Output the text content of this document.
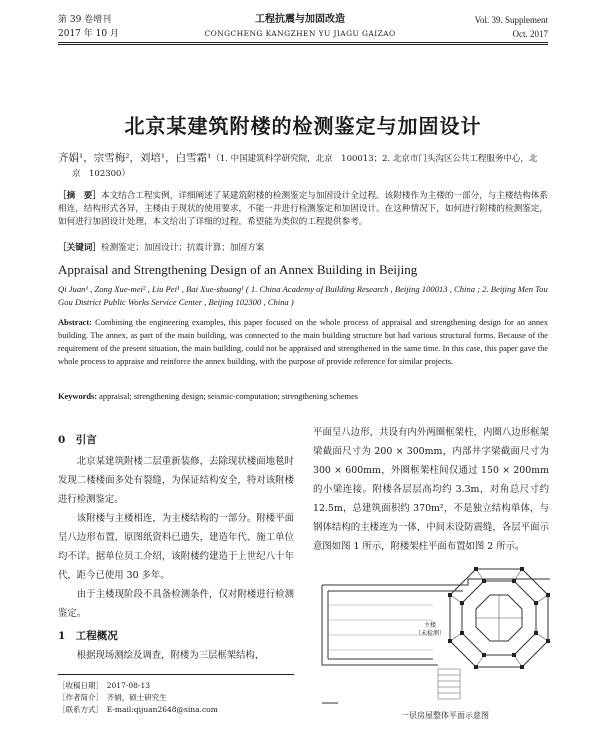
第 39 卷增刊
2017 年 10 月
工程抗震与加固改造
CONGCHENG KANGZHEN YU JIAGU GAIZAO
Vol. 39. Supplement
Oct. 2017
北京某建筑附楼的检测鉴定与加固设计
齐娟¹，宗雪梅²，刘培¹，白雪霜¹（1. 中国建筑科学研究院，北京　100013；2. 北京市门头沟区公共工程服务中心，北
京　102300）
［摘　要］本文结合工程实例，详细阐述了某建筑附楼的检测鉴定与加固设计全过程。该附楼作为主楼的一部分，与主楼结构体系相连，结构形式各异，主楼由于现状的使用要求，不能一并进行检测鉴定和加固设计。在这种情况下，如何进行附楼的检测鉴定，如何进行加固设计处理，本文给出了详细的过程，希望能为类似的工程提供参考。
［关键词］检测鉴定；加固设计；抗震计算；加固方案
Appraisal and Strengthening Design of an Annex Building in Beijing
Qi Juan¹ , Zong Xue-mei² , Liu Pei¹ , Bai Xue-shuang¹ ( 1. China Academy of Building Research , Beijing 100013 , China ; 2. Beijing Men Tou Gou District Public Works Service Center , Beijing 102300 , China )
Abstract: Combining the engineering examples, this paper focused on the whole process of appraisal and strengthening design for an annex building. The annex, as part of the main building, was connected to the main building structure but had various structural forms. Because of the requirement of the present situation, the main building, could not be appraised and strengthened in the same time. In this case, this paper gave the whole process to appraise and reinforce the annex building, with the purpose of provide reference for similar projects.
Keywords: appraisal; strengthening design; seismic-computation; strengthening schemes
0　引言
北京某建筑附楼二层重新装修，去除现状楼面地毯时发现二楼楼面多处有裂缝，为保证结构安全，特对该附楼进行检测鉴定。
该附楼与主楼相连，为主楼结构的一部分。附楼平面呈八边形布置，原图纸资料已遗失，建造年代、施工单位均不详。据单位员工介绍，该附楼约建造于上世纪八十年代，距今已使用 30 多年。
由于主楼现阶段不具备检测条件，仅对附楼进行检测鉴定。
1　工程概况
根据现场测绘及调查，附楼为三层框架结构，
［收稿日期］　2017-08-13
［作者简介］　齐娟，硕士研究生
［联系方式］　E-mail:qijuan2648@sina.com
平面呈八边形，共设有内外两圈框架柱，内圈八边形框架梁截面尺寸为 200 × 300mm，内部井字梁截面尺寸为 300 × 600mm，外圈框架柱间仅通过 150 × 200mm 的小梁连接。附楼各层层高均约 3.3m，对角总尺寸约 12.5m，总建筑面积约 370m²，不是独立结构单体，与钢体结构的主楼连为一体，中间未设防震缝，各层平面示意图如图 1 所示，附楼架柱平面布置如图 2 所示。
主楼
（未检测）
一层房屋整体平面示意图
